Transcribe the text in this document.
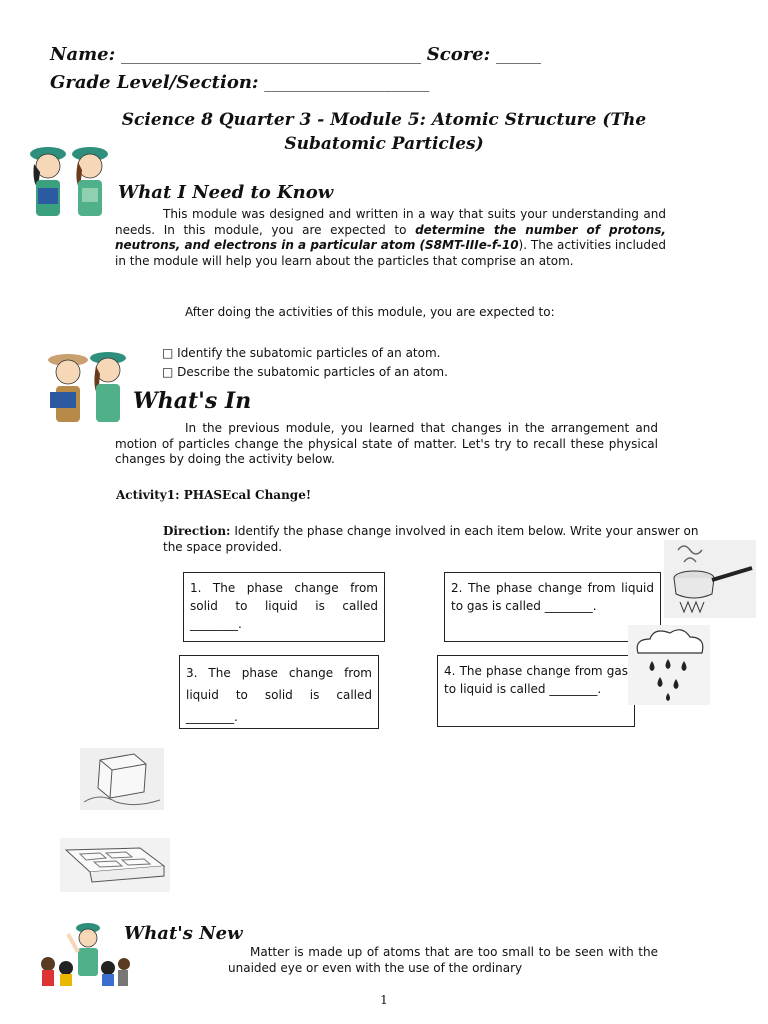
Name: ________________________________________ Score: ______
Grade Level/Section: ______________________
Science 8 Quarter 3 - Module 5: Atomic Structure (The
Subatomic Particles)
What I Need to Know
This module was designed and written in a way that suits your understanding and needs. In this module, you are expected to determine the number of protons, neutrons, and electrons in a particular atom (S8MT-IIIe-f-10). The activities included in the module will help you learn about the particles that comprise an atom.
After doing the activities of this module, you are expected to:
□ Identify the subatomic particles of an atom.
□ Describe the subatomic particles of an atom.
What's In
In the previous module, you learned that changes in the arrangement and motion of particles change the physical state of matter. Let's try to recall these physical changes by doing the activity below.
Activity1: PHASEcal Change!
Direction: Identify the phase change involved in each item below. Write your answer on the space provided.
1. The phase change from solid to liquid is called ________.
2. The phase change from liquid to gas is called ________.
3. The phase change from liquid to solid is called ________.
4. The phase change from gas to liquid is called ________.
What's New
Matter is made up of atoms that are too small to be seen with the unaided eye or even with the use of the ordinary
1
